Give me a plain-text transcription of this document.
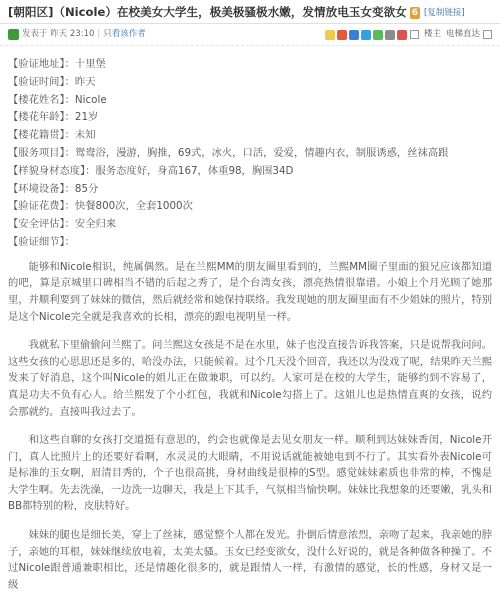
[朝阳区]（Nicole）在校美女大学生，极美极骚极水嫩，发情放电玉女变欲女 6 [复制链接]
发表于 昨天 23:10 | 只看该作者	楼主 电梯直达
【验证地址】：十里堡
【验证时间】：昨天
【楼花姓名】：Nicole
【楼花年龄】：21岁
【楼花籍贯】：未知
【服务项目】：鸳鸯浴，漫游，胸推，69式，冰火，口活，爱爱，情趣内衣，制服诱惑，丝袜高跟
【样貌身材态度】：服务态度好，身高167，体重98，胸围34D
【环境设备】：85分
【验证花费】：快餐800次，全套1000次
【安全评估】：安全归来
【验证细节】：

能够和Nicole相识，纯属偶然。是在兰熙MM的朋友圈里看到的，兰熙MM圈子里面的狼兄应该都知道的吧，算是京城里口碑相当不错的后起之秀了，是个台湾女孩，漂亮热情很靠谱。小娘上个月光顾了她那里，并顺利要到了妹妹的微信，然后就经常和她保持联络。我发现她的朋友圈里面有不少姐妹的照片，特别是这个Nicole完全就是我喜欢的长相，漂亮的跟电视明星一样。

我就私下里偷偷问兰熙了。问兰熙这女孩是不是在水里，妹子也没直接告诉我答案，只是说帮我问问。这些女孩的心思思还是多的，哈没办法，只能候着。过个几天没个回音，我还以为没戏了呢，结果昨天兰熙发来了好消息，这个叫Nicole的姐儿正在做兼职，可以约。人家可是在校的大学生，能够约到不容易了，真是功夫不负有心人。给兰熙发了个小红包，我就和Nicole勾搭上了。这姐儿也是热情直爽的女孩，说约会那就约。直接叫我过去了。

和这些自聊的女孩打交道挺有意思的，约会也就像是去见女朋友一样。顺利到达妹妹香闺，Nicole开门，真人比照片上的还要好看啊，水灵灵的大眼睛，不用说话就能被她电到不行了。其实看外表Nicole可是标准的玉女啊，眉清目秀的，个子也很高挑，身材曲线是很棒的S型。感觉妹妹素质也非常的棒，不愧是大学生啊。先去洗澡，一边洗一边聊天，我是上下其手，气氛相当愉快啊。妹妹比我想象的还要嫩，乳头和BB都特别的粉，皮肤特好。

妹妹的腿也是细长美，穿上了丝袜，感觉整个人都在发光。扑倒后情意浓烈，亲吻了起来，我亲她的脖子，亲她的耳根，妹妹继续放电着，太美太骚。玉女已经变欲女，没什么好说的，就是各种做各种操了。不过Nicole跟普通兼职相比，还是情趣化很多的，就是跟情人一样，有激情的感觉，长的性感，身材又是一级
